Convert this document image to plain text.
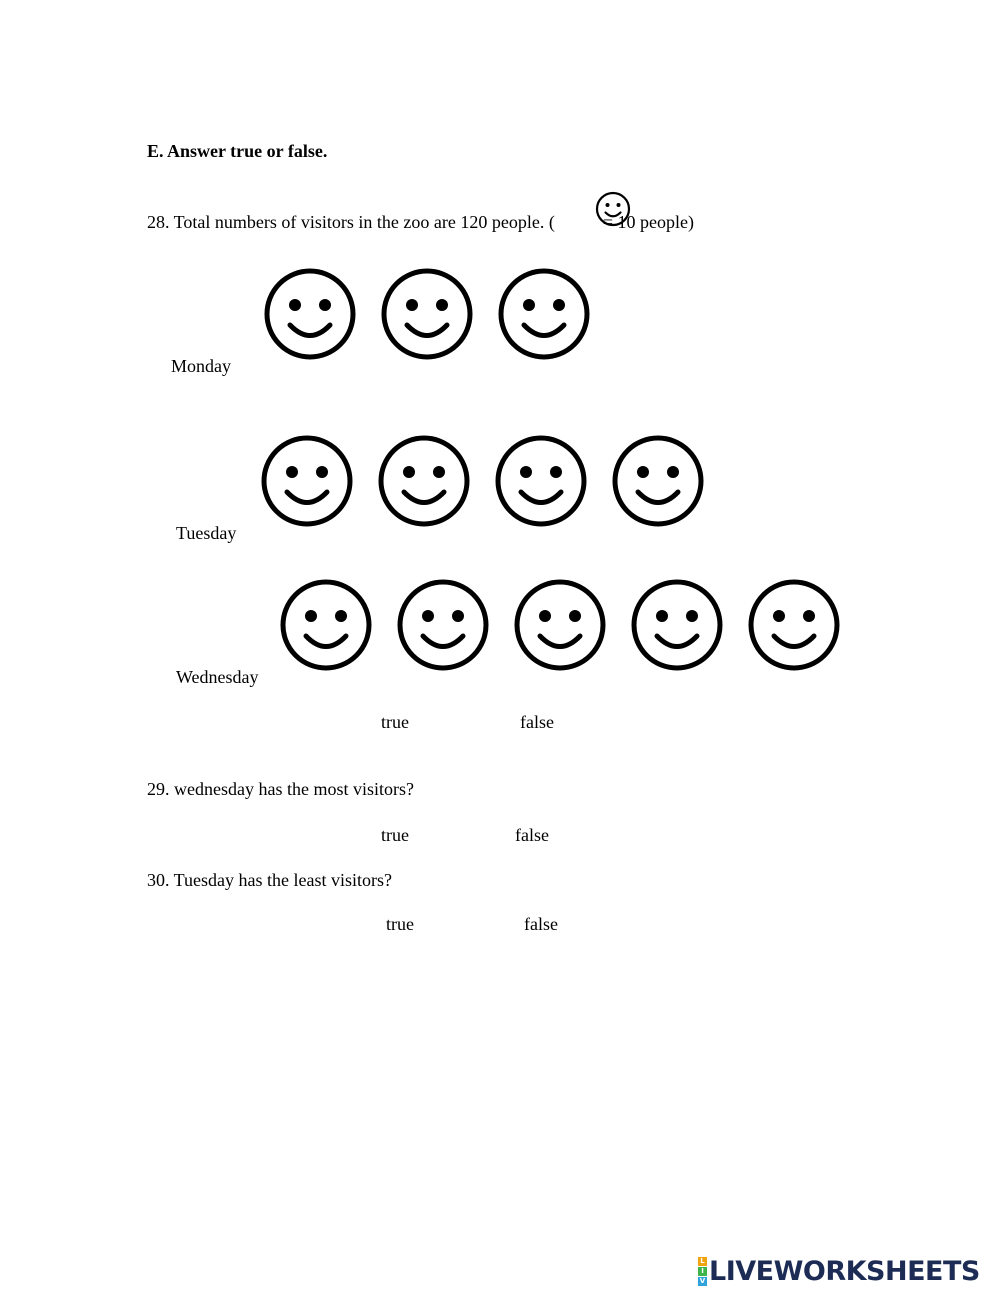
E. Answer true or false.
28. Total numbers of visitors in the zoo are 120 people. (	= 10 people)
Monday
Tuesday
Wednesday
true	false
29. wednesday has the most visitors?
true	false
30. Tuesday has the least visitors?
true	false
L
I
V LIVEWORKSHEETS
